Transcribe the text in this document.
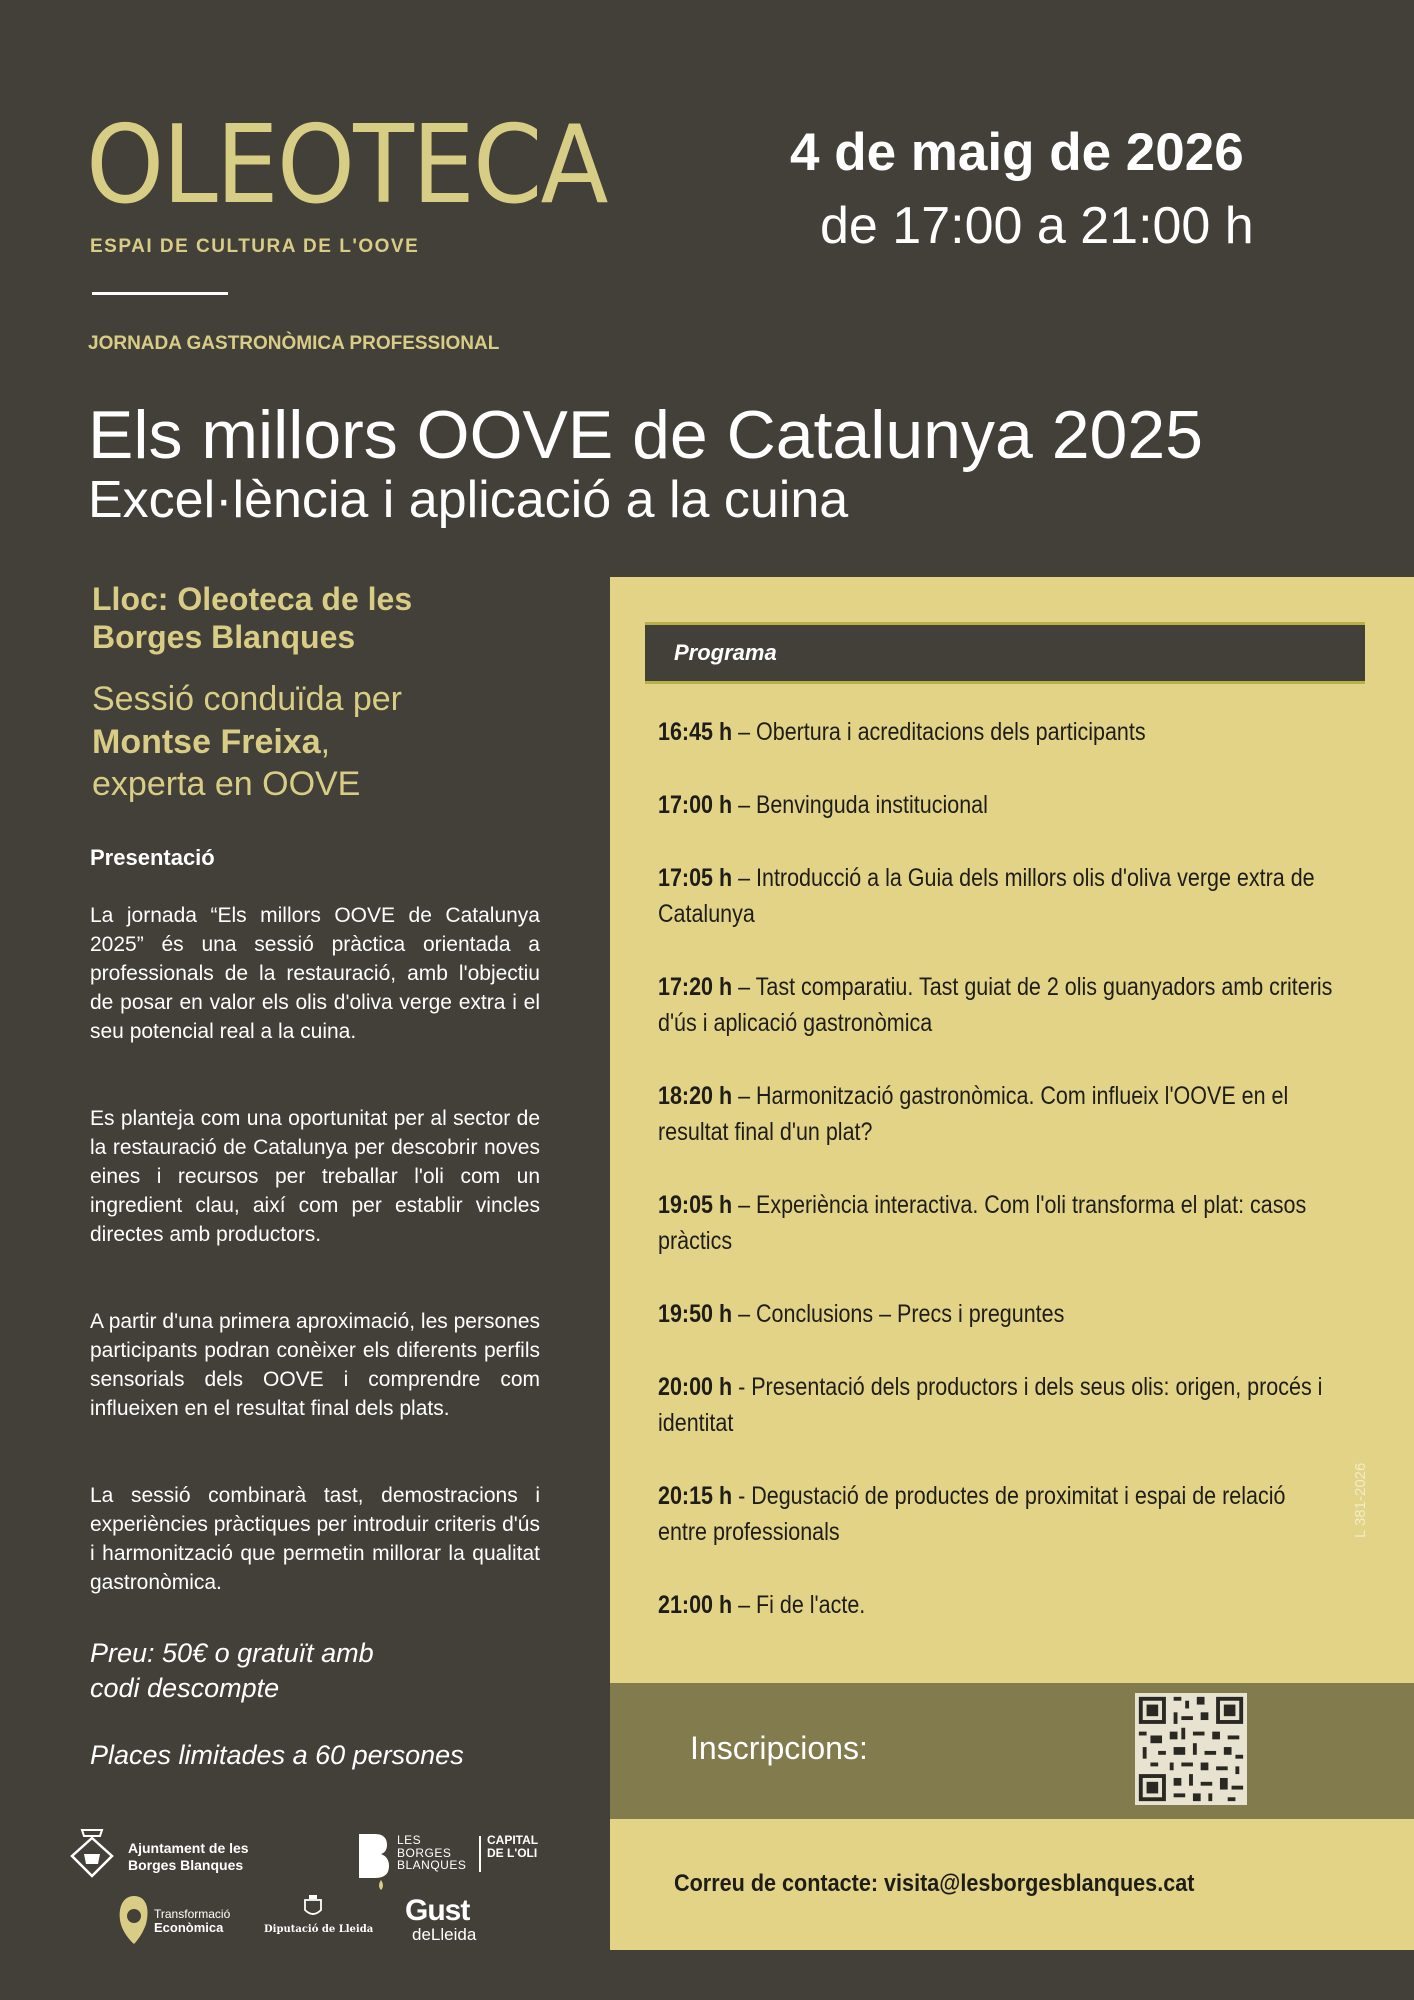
OLEOTECA
ESPAI DE CULTURA DE L'OOVE
4 de maig de 2026
de 17:00 a 21:00 h
JORNADA GASTRONÒMICA PROFESSIONAL
Els millors OOVE de Catalunya 2025
Excel·lència i aplicació a la cuina
Lloc: Oleoteca de les Borges Blanques
Sessió conduïda per
Montse Freixa,
experta en OOVE
Presentació
La jornada “Els millors OOVE de Catalunya 2025” és una sessió pràctica orientada a professionals de la restauració, amb l'objectiu de posar en valor els olis d'oliva verge extra i el seu potencial real a la cuina.
Es planteja com una oportunitat per al sector de la restauració de Catalunya per descobrir noves eines i recursos per treballar l'oli com un ingredient clau, així com per establir vincles directes amb productors.
A partir d'una primera aproximació, les persones participants podran conèixer els diferents perfils sensorials dels OOVE i comprendre com influeixen en el resultat final dels plats.
La sessió combinarà tast, demostracions i experiències pràctiques per introduir criteris d'ús i harmonització que permetin millorar la qualitat gastronòmica.
Preu: 50€ o gratuït amb
codi descompte
Places limitades a 60 persones
Programa
16:45 h – Obertura i acreditacions dels participants
17:00 h – Benvinguda institucional
17:05 h – Introducció a la Guia dels millors olis d'oliva verge extra de Catalunya
17:20 h – Tast comparatiu. Tast guiat de 2 olis guanyadors amb criteris d'ús i aplicació gastronòmica
18:20 h – Harmonització gastronòmica. Com influeix l'OOVE en el resultat final d'un plat?
19:05 h – Experiència interactiva. Com l'oli transforma el plat: casos pràctics
19:50 h – Conclusions – Precs i preguntes
20:00 h - Presentació dels productors i dels seus olis: origen, procés i identitat
20:15 h - Degustació de productes de proximitat i espai de relació entre professionals
21:00 h – Fi de l'acte.
L 381-2026
Inscripcions:
Correu de contacte: visita@lesborgesblanques.cat
Ajuntament de les Borges Blanques
LES
BORGES
BLANQUES
CAPITAL DE L'OLI
Transformació
Econòmica	Diputació de Lleida
Gust
deLleida
